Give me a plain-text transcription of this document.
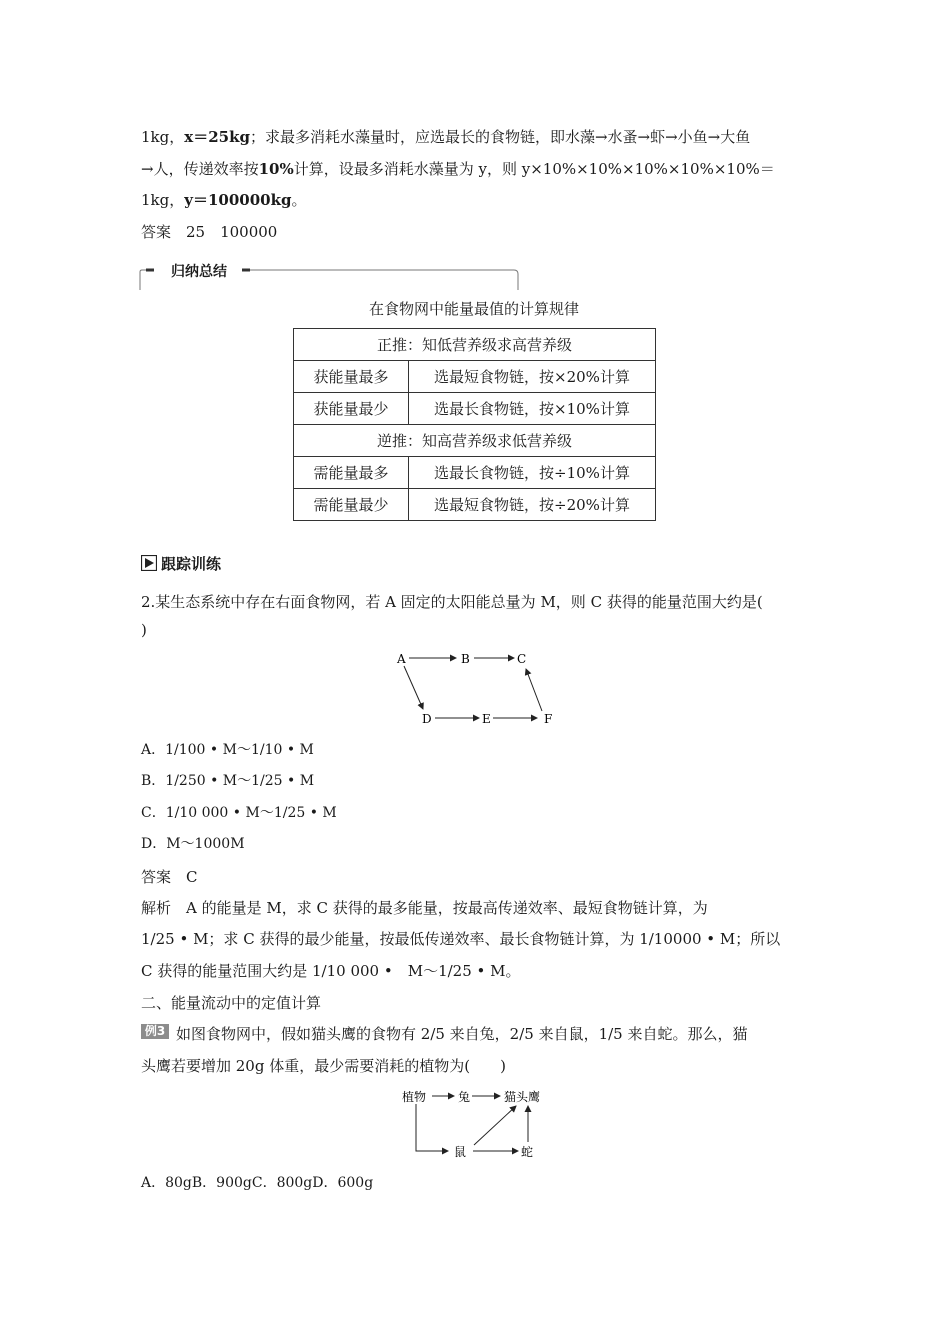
1kg，x＝25kg；求最多消耗水藻量时，应选最长的食物链，即水藻→水蚤→虾→小鱼→大鱼
→人，传递效率按10%计算，设最多消耗水藻量为 y，则 y×10%×10%×10%×10%×10%＝
1kg，y＝100000kg。
答案　25　100000
归纳总结
在食物网中能量最值的计算规律
正推：知低营养级求高营养级	
获能量最多	选最短食物链，按×20%计算
获能量最少	选最长食物链，按×10%计算
逆推：知高营养级求低营养级	
需能量最多	选最长食物链，按÷10%计算
需能量最少	选最短食物链，按÷20%计算
跟踪训练
2.某生态系统中存在右面食物网，若 A 固定的太阳能总量为 M，则 C 获得的能量范围大约是(
)
A	B	C
D	E	F
A．1/100 • M～1/10 • M
B．1/250 • M～1/25 • M
C．1/10 000 • M～1/25 • M
D．M～1000M
答案　C
解析　A 的能量是 M，求 C 获得的最多能量，按最高传递效率、最短食物链计算，为
1/25 • M；求 C 获得的最少能量，按最低传递效率、最长食物链计算，为 1/10000 • M；所以
C 获得的能量范围大约是 1/10 000 •　M～1/25 • M。
二、能量流动中的定值计算
例3 如图食物网中，假如猫头鹰的食物有 2/5 来自兔，2/5 来自鼠，1/5 来自蛇。那么，猫
头鹰若要增加 20g 体重，最少需要消耗的植物为(　　)
植物	兔	猫头鹰
鼠	蛇
A．80gB．900gC．800gD．600g
